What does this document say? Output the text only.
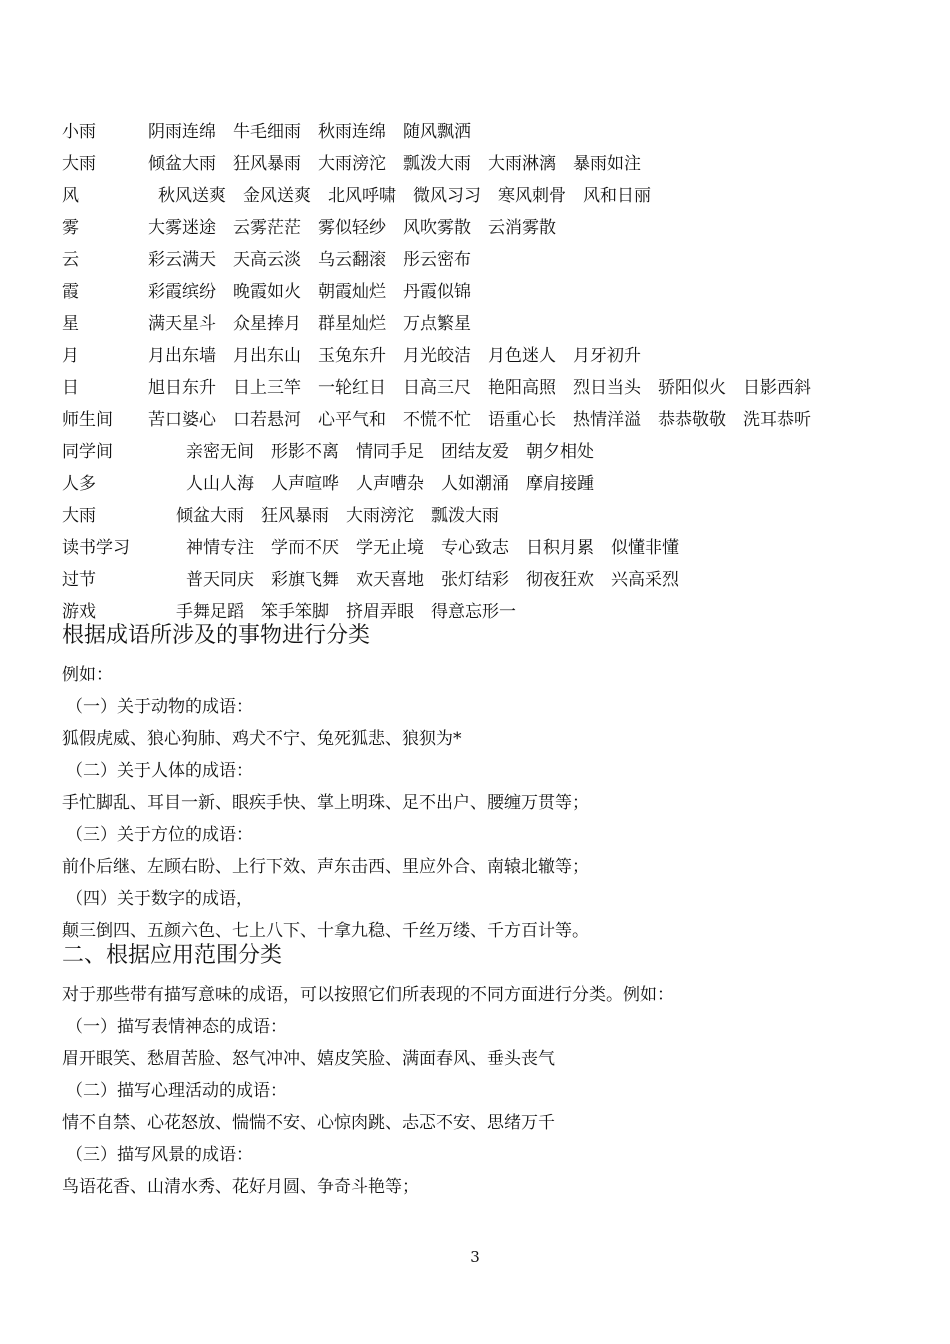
小雨	阴雨连绵 牛毛细雨 秋雨连绵 随风飘洒
大雨	倾盆大雨 狂风暴雨 大雨滂沱 瓢泼大雨 大雨淋漓 暴雨如注
风	秋风送爽 金风送爽 北风呼啸 微风习习 寒风刺骨 风和日丽
雾	大雾迷途 云雾茫茫 雾似轻纱 风吹雾散 云消雾散
云	彩云满天 天高云淡 乌云翻滚 彤云密布
霞	彩霞缤纷 晚霞如火 朝霞灿烂 丹霞似锦
星	满天星斗 众星捧月 群星灿烂 万点繁星
月	月出东墙 月出东山 玉兔东升 月光皎洁 月色迷人 月牙初升
日	旭日东升 日上三竿 一轮红日 日高三尺 艳阳高照 烈日当头 骄阳似火 日影西斜
师生间 苦口婆心 口若悬河 心平气和 不慌不忙 语重心长 热情洋溢 恭恭敬敬 洗耳恭听
同学间	亲密无间 形影不离 情同手足 团结友爱 朝夕相处
人多	人山人海 人声喧哗 人声嘈杂 人如潮涌 摩肩接踵
大雨	倾盆大雨 狂风暴雨 大雨滂沱 瓢泼大雨
读书学习	神情专注 学而不厌 学无止境 专心致志 日积月累 似懂非懂
过节	普天同庆 彩旗飞舞 欢天喜地 张灯结彩 彻夜狂欢 兴高采烈
游戏	手舞足蹈 笨手笨脚 挤眉弄眼 得意忘形一
根据成语所涉及的事物进行分类
例如：
（一）关于动物的成语：
狐假虎威、狼心狗肺、鸡犬不宁、兔死狐悲、狼狈为*
（二）关于人体的成语：
手忙脚乱、耳目一新、眼疾手快、掌上明珠、足不出户、腰缠万贯等；
（三）关于方位的成语：
前仆后继、左顾右盼、上行下效、声东击西、里应外合、南辕北辙等；
（四）关于数字的成语，
颠三倒四、五颜六色、七上八下、十拿九稳、千丝万缕、千方百计等。
二、根据应用范围分类
对于那些带有描写意味的成语，可以按照它们所表现的不同方面进行分类。例如：
（一）描写表情神态的成语：
眉开眼笑、愁眉苦脸、怒气冲冲、嬉皮笑脸、满面春风、垂头丧气
（二）描写心理活动的成语：
情不自禁、心花怒放、惴惴不安、心惊肉跳、忐忑不安、思绪万千
（三）描写风景的成语：
鸟语花香、山清水秀、花好月圆、争奇斗艳等；
3
